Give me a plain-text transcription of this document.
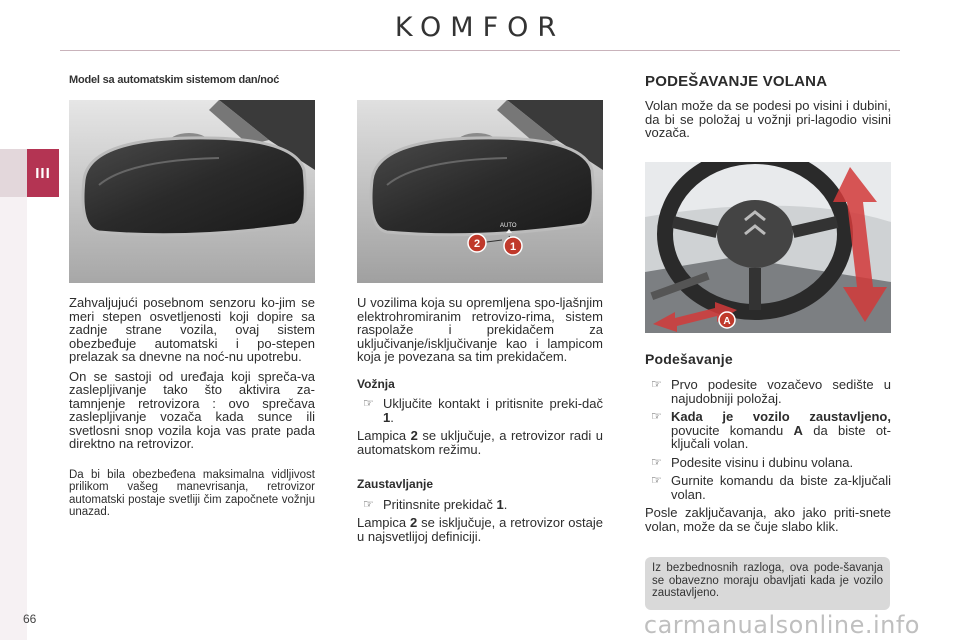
KOMFOR
III
Model sa automatskim sistemom dan/noć
AUTO
2	1

Zahvaljujući posebnom senzoru ko-jim se meri stepen osvetljenosti koji dopire sa zadnje strane vozila, ovaj sistem obezbeđuje automatski i po-stepen prelazak sa dnevne na noć-nu upotrebu.

On se sastoji od uređaja koji spreča-va zaslepljivanje tako što aktivira za-tamnjenje retrovizora : ovo sprečava zaslepljivanje vozača kada sunce ili svetlosni snop vozila koja vas prate pada direktno na retrovizor.

Da bi bila obezbeđena maksimalna vidljivost prilikom vašeg manevrisanja, retrovizor automatski postaje svetliji čim započnete vožnju unazad.

U vozilima koja su opremljena spo-ljašnjim elektrohromiranim retrovizo-rima, sistem raspolaže i prekidačem za uključivanje/isključivanje kao i lampicom koja je povezana sa tim prekidačem.

Vožnja
☞ Uključite kontakt i pritisnite preki-dač 1.

Lampica 2 se uključuje, a retrovizor radi u automatskom režimu.

Zaustavljanje
☞ Pritinsnite prekidač 1.

Lampica 2 se isključuje, a retrovizor ostaje u najsvetlijoj definiciji.

PODEŠAVANJE VOLANA

Volan može da se podesi po visini i dubini, da bi se položaj u vožnji pri-lagodio visini vozača.

A
Podešavanje
☞ Prvo podesite vozačevo sedište u najudobniji položaj.
☞ Kada je vozilo zaustavljeno, povucite komandu A da biste ot-ključali volan.
☞ Podesite visinu i dubinu volana.
☞ Gurnite komandu da biste za-ključali volan.

Posle zaključavanja, ako jako priti-snete volan, može da se čuje slabo klik.

Iz bezbednosnih razloga, ova pode-šavanja se obavezno moraju obavljati kada je vozilo zaustavljeno.
66	carmanualsonline.info
